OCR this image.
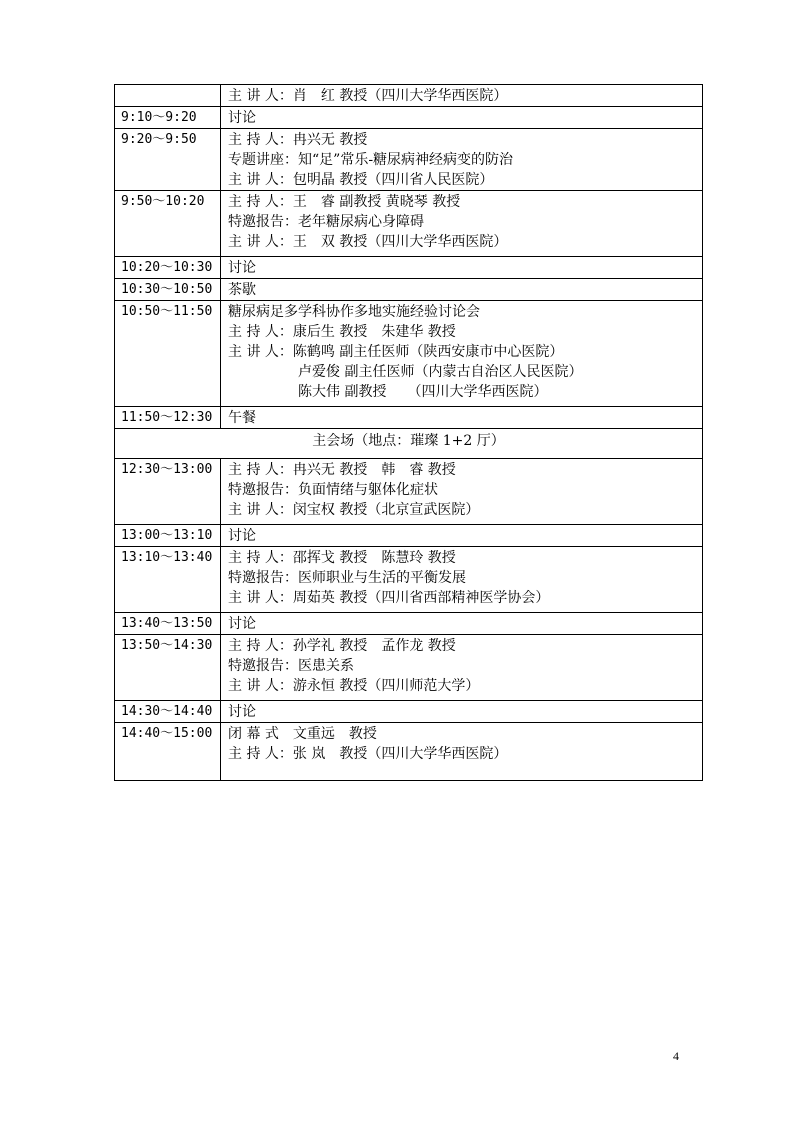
	主 讲 人：肖　红 教授（四川大学华西医院）

9:10～9:20	讨论

9:20～9:50	主 持 人：冉兴无 教授
专题讲座：知“足”常乐-糖尿病神经病变的防治
主 讲 人：包明晶 教授（四川省人民医院）

9:50～10:20	主 持 人：王　睿 副教授 黄晓琴 教授
特邀报告：老年糖尿病心身障碍
主 讲 人：王　双 教授（四川大学华西医院）

10:20～10:30	讨论

10:30～10:50	茶歇

10:50～11:50	糖尿病足多学科协作多地实施经验讨论会
主 持 人：康后生 教授　朱建华 教授
主 讲 人：陈鹤鸣 副主任医师（陕西安康市中心医院）
　　　　　卢爱俊 副主任医师（内蒙古自治区人民医院）
　　　　　陈大伟 副教授　　（四川大学华西医院）

11:50～12:30	午餐

主会场（地点：璀璨 1+2 厅）	
12:30～13:00	主 持 人：冉兴无 教授　韩　睿 教授
特邀报告：负面情绪与躯体化症状
主 讲 人：闵宝权 教授（北京宣武医院）

13:00～13:10	讨论

13:10～13:40	主 持 人：邵挥戈 教授　陈慧玲 教授
特邀报告：医师职业与生活的平衡发展
主 讲 人：周茹英 教授（四川省西部精神医学协会）

13:40～13:50	讨论

13:50～14:30	主 持 人：孙学礼 教授　孟作龙 教授
特邀报告：医患关系
主 讲 人：游永恒 教授（四川师范大学）

14:30～14:40	讨论

14:40～15:00	闭 幕 式　文重远　教授
主 持 人：张 岚　教授（四川大学华西医院）
4
